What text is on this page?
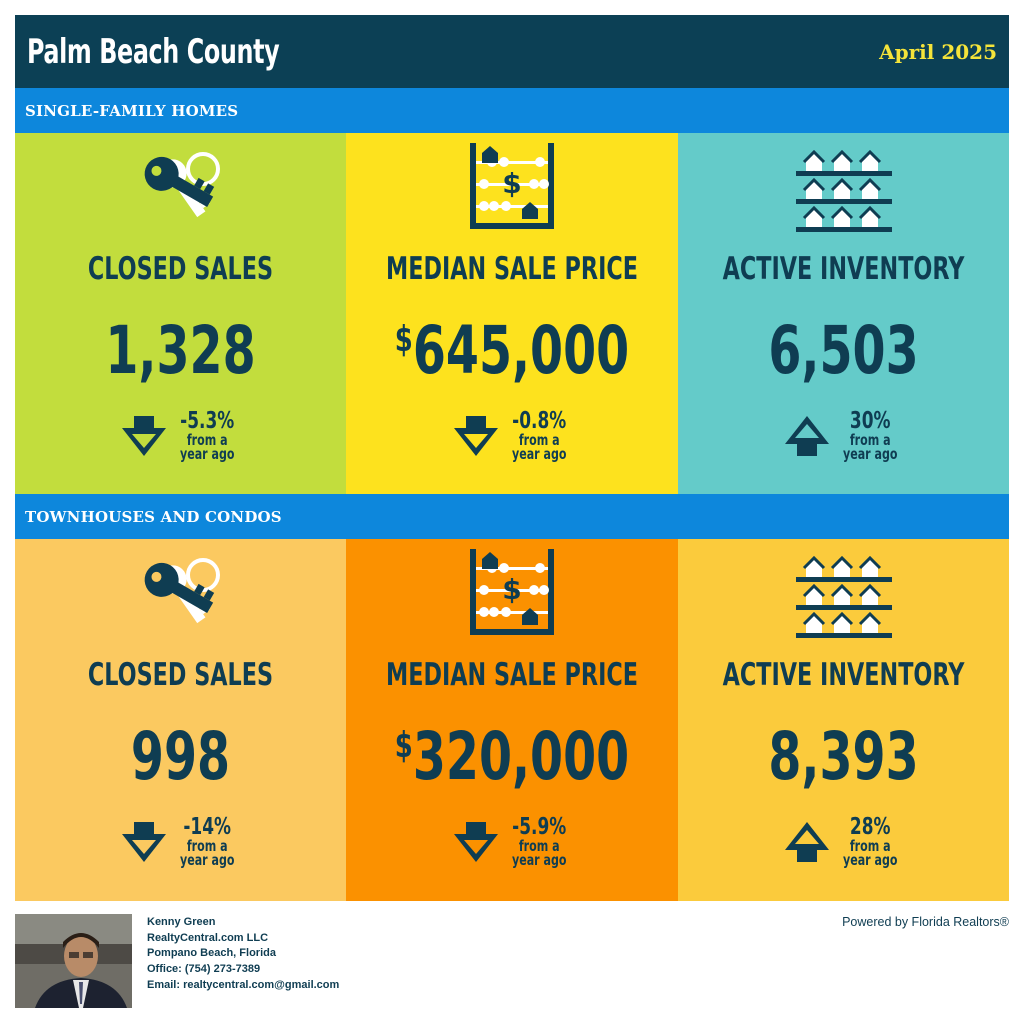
Palm Beach County	April 2025
SINGLE-FAMILY HOMES
CLOSED SALES
1,328
-5.3%
from a
year ago
$
MEDIAN SALE PRICE
$645,000
-0.8%
from a
year ago
ACTIVE INVENTORY
6,503
30%
from a
year ago
TOWNHOUSES AND CONDOS
CLOSED SALES
998
-14%
from a
year ago
$
MEDIAN SALE PRICE
$320,000
-5.9%
from a
year ago
ACTIVE INVENTORY
8,393
28%
from a
year ago
Kenny Green
RealtyCentral.com LLC
Pompano Beach, Florida
Office: (754) 273-7389
Email: realtycentral.com@gmail.com
Powered by Florida Realtors®
